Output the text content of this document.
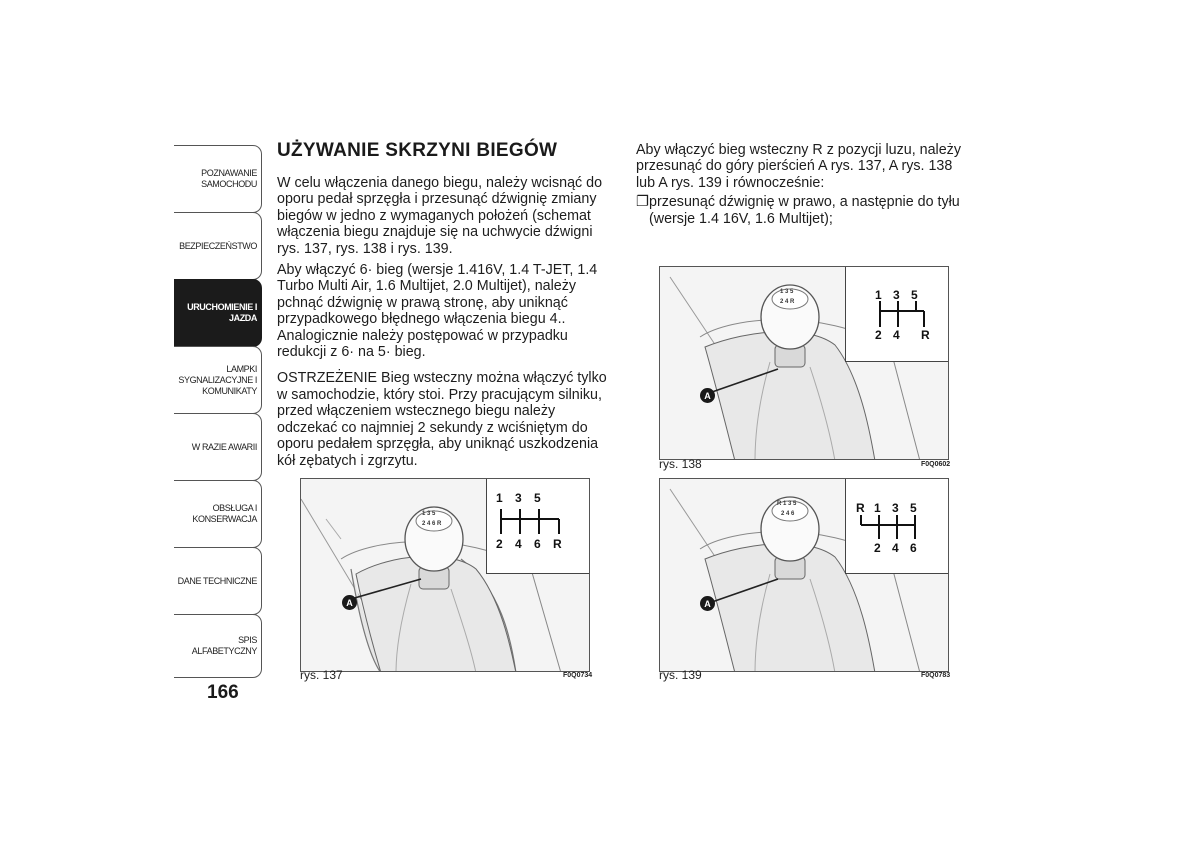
POZNAWANIE
SAMOCHODU
BEZPIECZEŃSTWO
URUCHOMIENIE I
JAZDA
LAMPKI
SYGNALIZACYJNE I
KOMUNIKATY
W RAZIE AWARII
OBSŁUGA I
KONSERWACJA
DANE TECHNICZNE
SPIS ALFABETYCZNY
166
UŻYWANIE SKRZYNI BIEGÓW

W celu włączenia danego biegu, należy wcisnąć do oporu pedał sprzęgła i przesunąć dźwignię zmiany biegów w jedno z wymaganych położeń (schemat włączenia biegu znajduje się na uchwycie dźwigni rys. 137, rys. 138 i rys. 139.

Aby włączyć 6· bieg (wersje 1.416V, 1.4 T-JET, 1.4 Turbo Multi Air, 1.6 Multijet, 2.0 Multijet), należy pchnąć dźwignię w prawą stronę, aby uniknąć przypadkowego błędnego włączenia biegu 4.. Analogicznie należy postępować w przypadku redukcji z 6· na 5· bieg.

OSTRZEŻENIE Bieg wsteczny można włączyć tylko w samochodzie, który stoi. Przy pracującym silniku, przed włączeniem wstecznego biegu należy odczekać co najmniej 2 sekundy z wciśniętym do oporu pedałem sprzęgła, aby uniknąć uszkodzenia kół zębatych i zgrzytu.

Aby włączyć bieg wsteczny R z pozycji luzu, należy przesunąć do góry pierścień A rys. 137, A rys. 138 lub A rys. 139 i równocześnie:

❐ przesunąć dźwignię w prawo, a następnie do tyłu (wersje 1.4 16V, 1.6 Multijet);
1 3 5
2 4 6 R
1 3 5
2 4 6 R
A
rys. 137	F0Q0734
1 3 5
2 4 R	1 3 5
2 4 R
A
rys. 138	F0Q0602
R 1 3 5
2 4 6	R 1 3 5
2 4 6
A
rys. 139	F0Q0783
